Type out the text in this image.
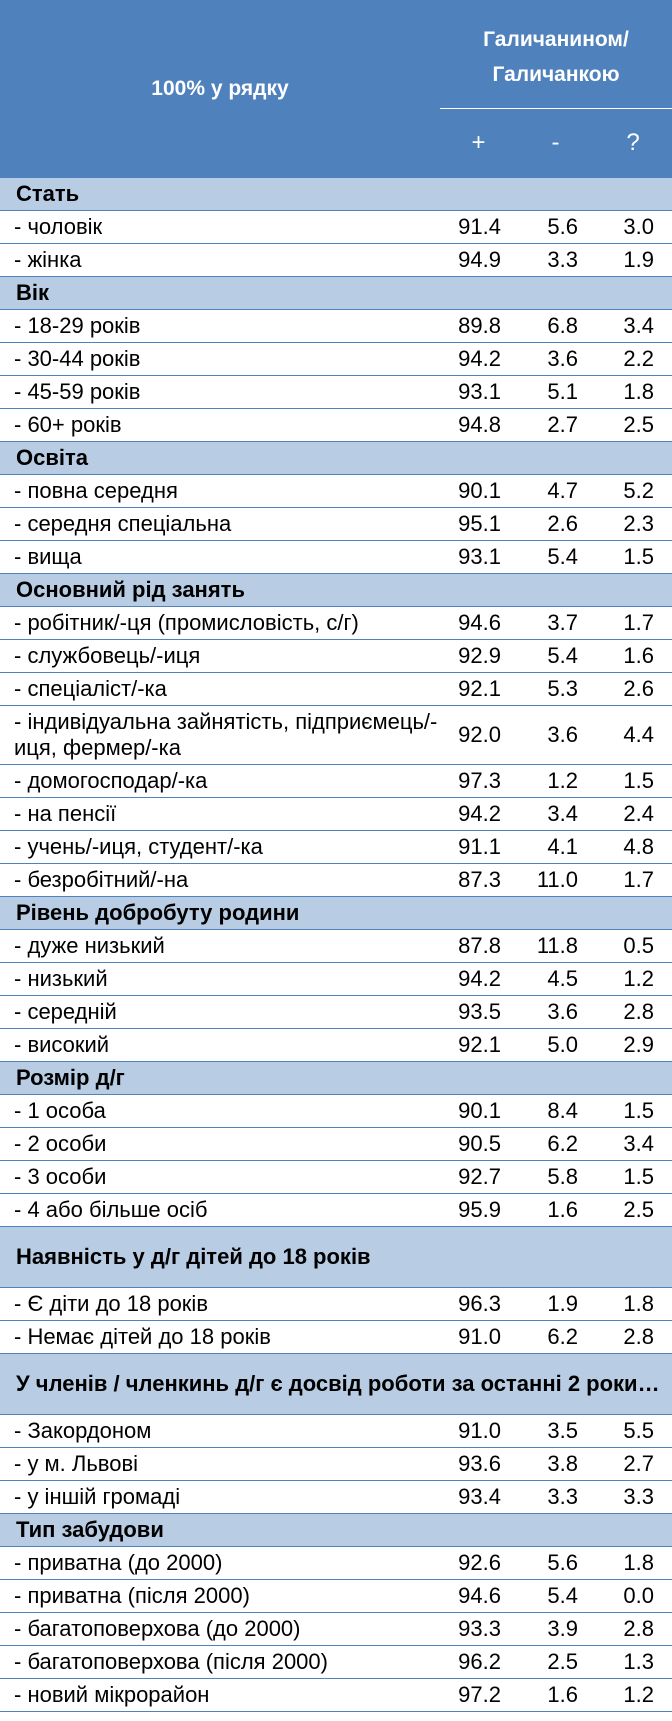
100% у рядку	Галичанином/
Галичанкою		

	+	-	?
Стать			
- чоловік	91.4	5.6	3.0
- жінка	94.9	3.3	1.9
Вік			
- 18-29 років	89.8	6.8	3.4
- 30-44 років	94.2	3.6	2.2
- 45-59 років	93.1	5.1	1.8
- 60+ років	94.8	2.7	2.5
Освіта			
- повна середня	90.1	4.7	5.2
- середня спеціальна	95.1	2.6	2.3
- вища	93.1	5.4	1.5
Основний рід занять			
- робітник/-ця (промисловість, с/г)	94.6	3.7	1.7
- службовець/-иця	92.9	5.4	1.6
- спеціаліст/-ка	92.1	5.3	2.6
- індивідуальна зайнятість, підприємець/-иця, фермер/-ка	92.0	3.6	4.4
- домогосподар/-ка	97.3	1.2	1.5
- на пенсії	94.2	3.4	2.4
- учень/-иця, студент/-ка	91.1	4.1	4.8
- безробітний/-на	87.3	11.0	1.7
Рівень добробуту родини			
- дуже низький	87.8	11.8	0.5
- низький	94.2	4.5	1.2
- середній	93.5	3.6	2.8
- високий	92.1	5.0	2.9
Розмір д/г			
- 1 особа	90.1	8.4	1.5
- 2 особи	90.5	6.2	3.4
- 3 особи	92.7	5.8	1.5
- 4 або більше осіб	95.9	1.6	2.5
Наявність у д/г дітей до 18 років			
- Є діти до 18 років	96.3	1.9	1.8
- Немає дітей до 18 років	91.0	6.2	2.8
У членів / членкинь д/г є досвід роботи за останні 2 роки…			
- Закордоном	91.0	3.5	5.5
- у м. Львові	93.6	3.8	2.7
- у іншій громаді	93.4	3.3	3.3
Тип забудови			
- приватна (до 2000)	92.6	5.6	1.8
- приватна (після 2000)	94.6	5.4	0.0
- багатоповерхова (до 2000)	93.3	3.9	2.8
- багатоповерхова (після 2000)	96.2	2.5	1.3
- новий мікрорайон	97.2	1.6	1.2
